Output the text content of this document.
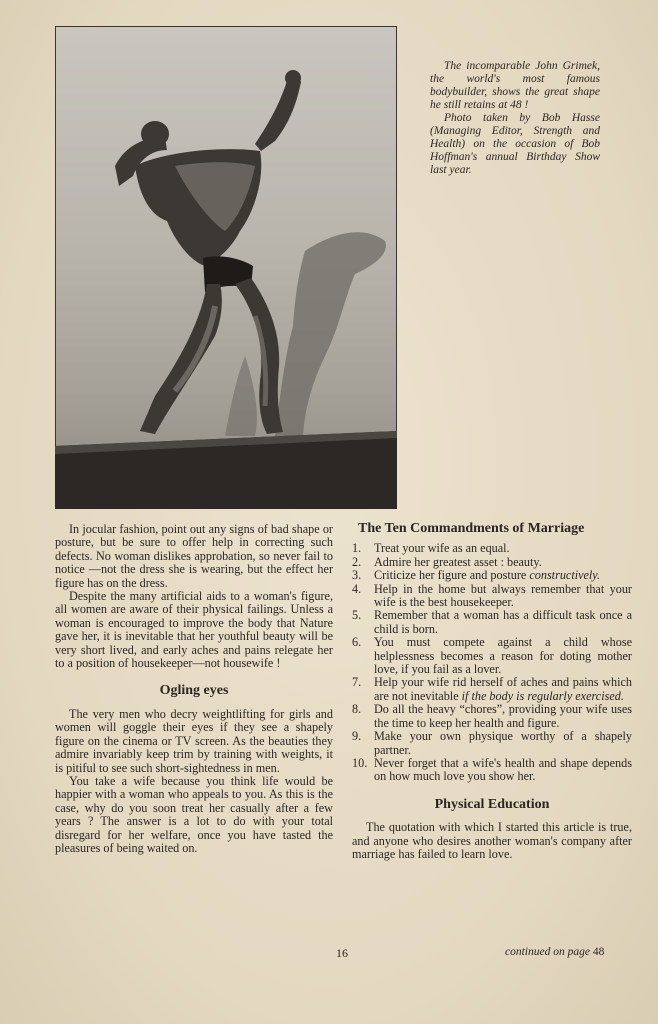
The incomparable John Grimek, the world's most famous bodybuilder, shows the great shape he still retains at 48 !

Photo taken by Bob Hasse (Managing Editor, Strength and Health) on the occasion of Bob Hoffman's annual Birthday Show last year.

In jocular fashion, point out any signs of bad shape or posture, but be sure to offer help in correcting such defects. No woman dislikes approbation, so never fail to notice —not the dress she is wearing, but the effect her figure has on the dress.

Despite the many artificial aids to a woman's figure, all women are aware of their physical failings. Unless a woman is encouraged to improve the body that Nature gave her, it is inevitable that her youthful beauty will be very short lived, and early aches and pains relegate her to a position of housekeeper—not housewife !

Ogling eyes

The very men who decry weightlifting for girls and women will goggle their eyes if they see a shapely figure on the cinema or TV screen. As the beauties they admire invariably keep trim by training with weights, it is pitiful to see such short-sightedness in men.

You take a wife because you think life would be happier with a woman who appeals to you. As this is the case, why do you soon treat her casually after a few years ? The answer is a lot to do with your total disregard for her welfare, once you have tasted the pleasures of being waited on.

The Ten Commandments of Marriage
1.	Treat your wife as an equal.
2.	Admire her greatest asset : beauty.
3.	Criticize her figure and posture constructively.
4.	Help in the home but always remember that your wife is the best housekeeper.
5.	Remember that a woman has a difficult task once a child is born.
6.	You must compete against a child whose helplessness becomes a reason for doting mother love, if you fail as a lover.
7.	Help your wife rid herself of aches and pains which are not inevitable if the body is regularly exercised.
8.	Do all the heavy “chores”, providing your wife uses the time to keep her health and figure.
9.	Make your own physique worthy of a shapely partner.
10. Never forget that a wife's health and shape depends on how much love you show her.
Physical Education

The quotation with which I started this article is true, and anyone who desires another woman's company after marriage has failed to learn love.

16	continued on page 48
